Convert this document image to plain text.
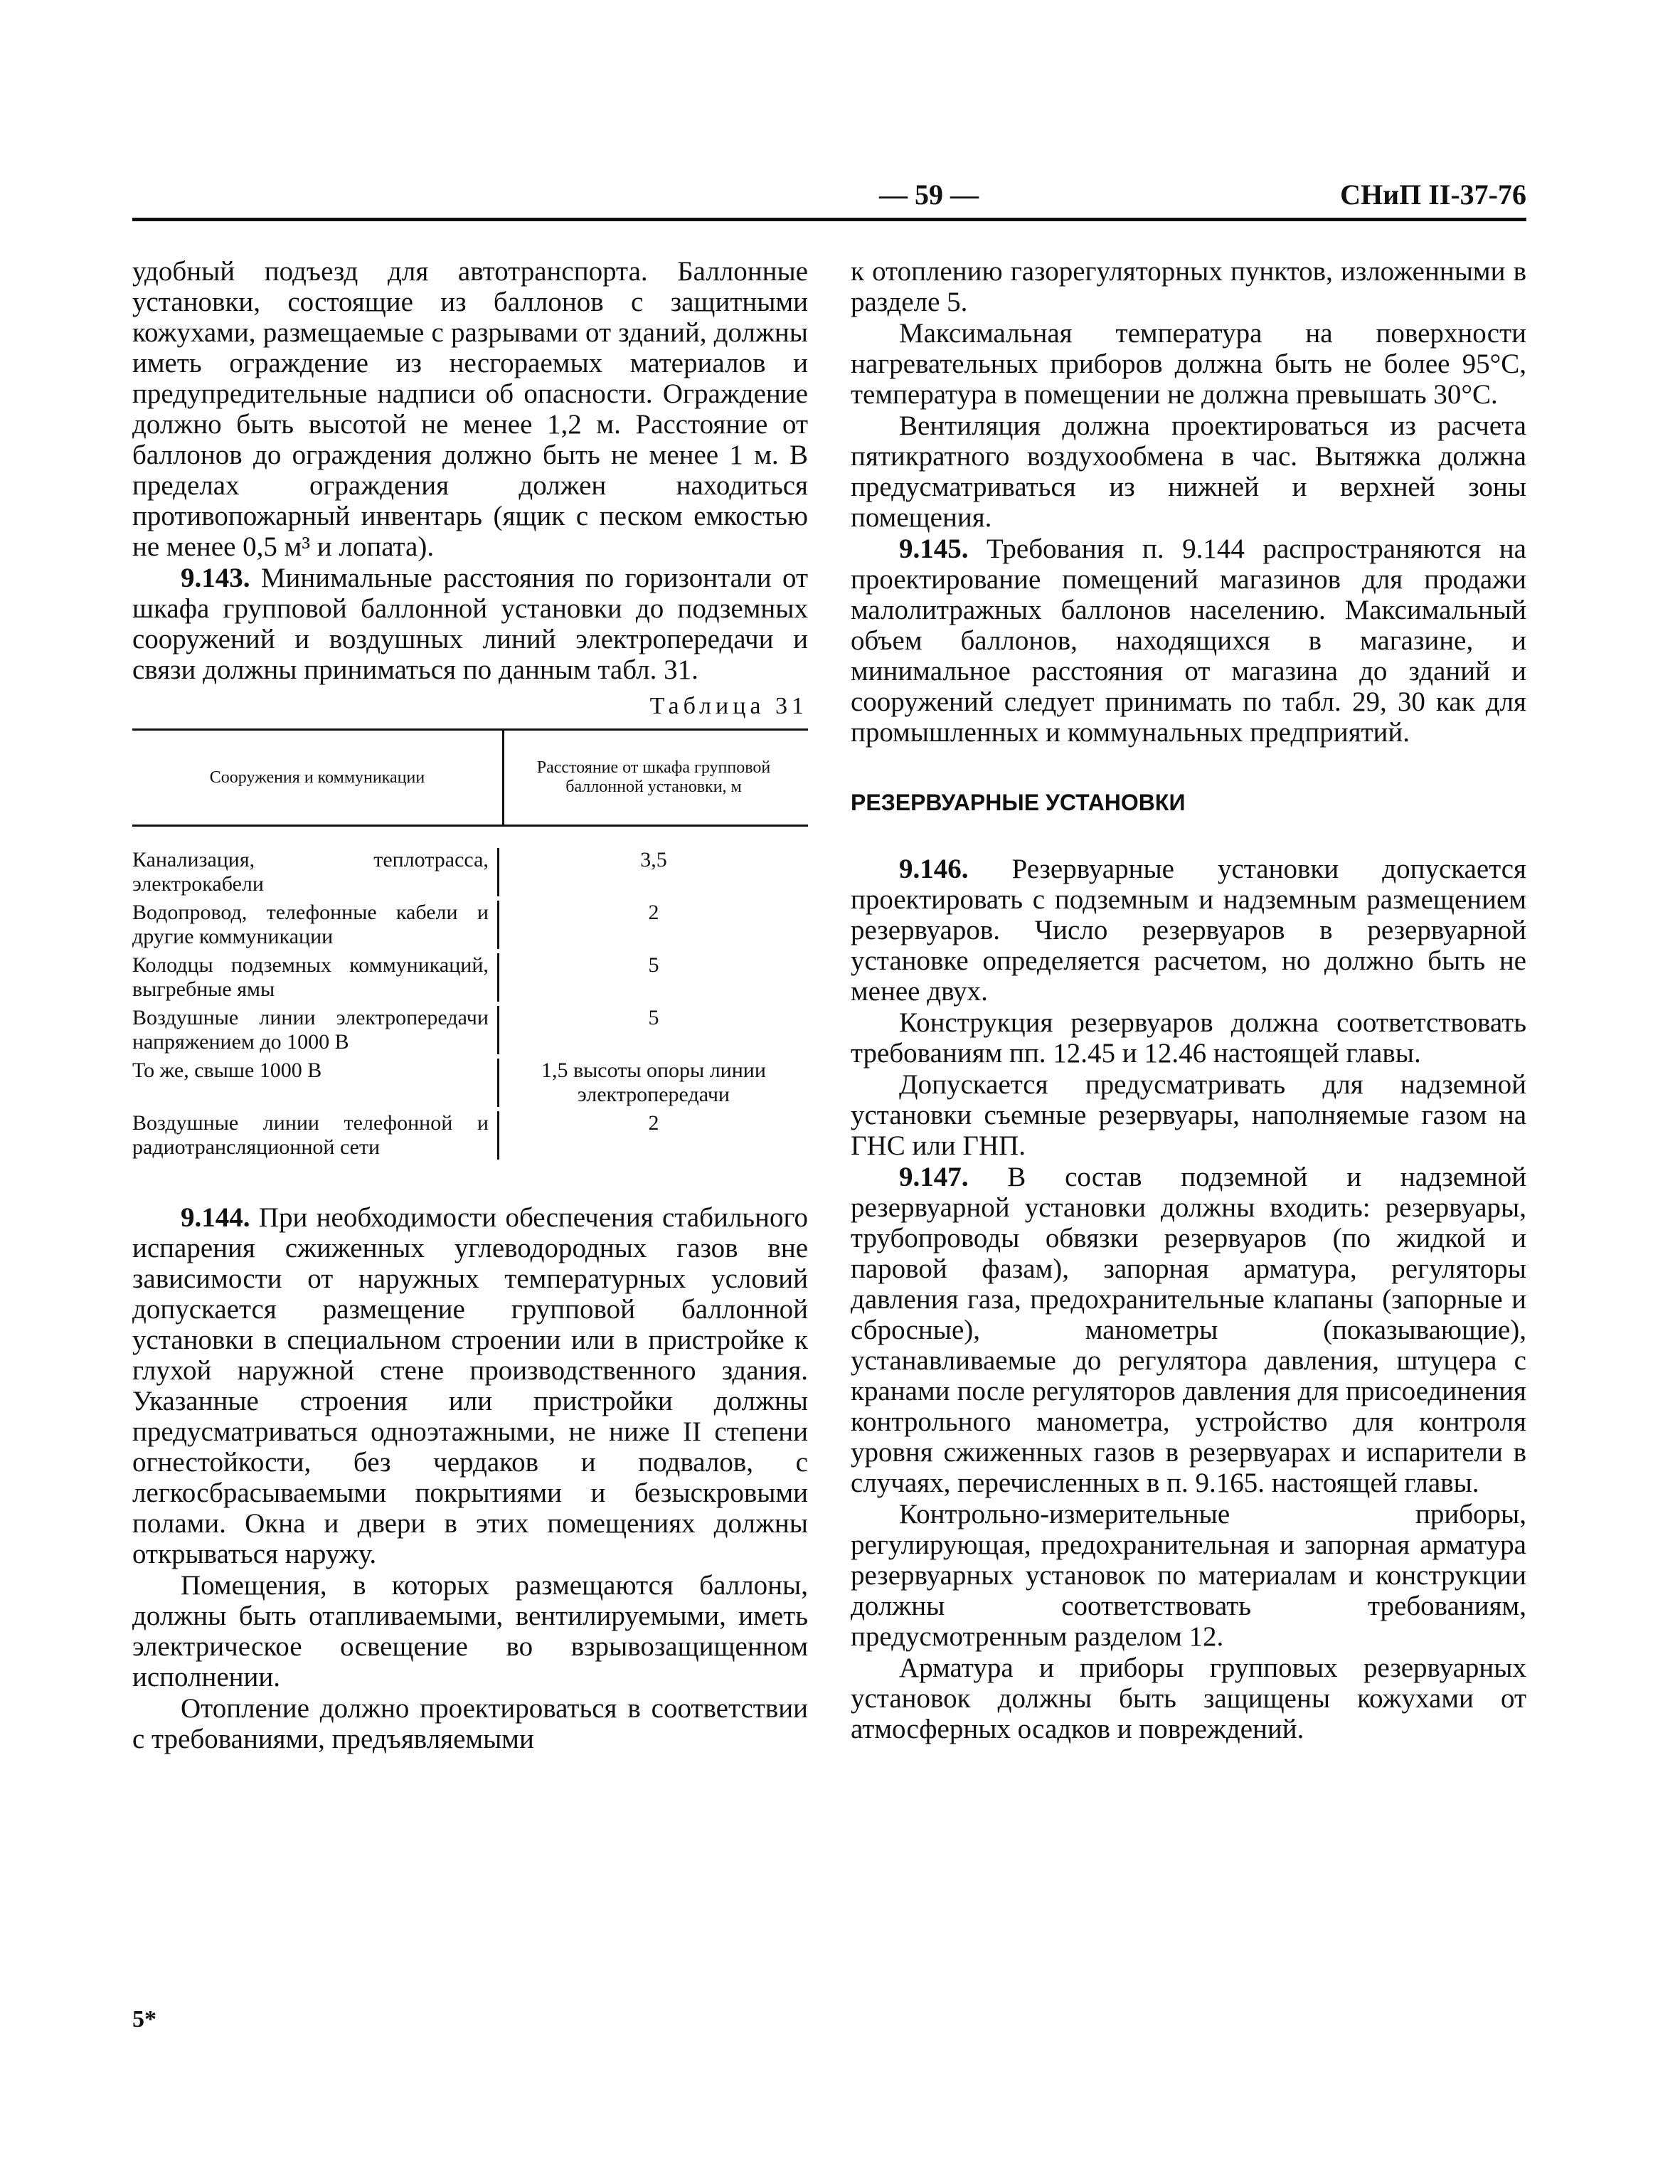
— 59 —	СНиП II-37-76

удобный подъезд для автотранспорта. Баллонные установки, состоящие из баллонов с защитными кожухами, размещаемые с разрывами от зданий, должны иметь ограждение из несгораемых материалов и предупредительные надписи об опасности. Ограждение должно быть высотой не менее 1,2 м. Расстояние от баллонов до ограждения должно быть не менее 1 м. В пределах ограждения должен находиться противопожарный инвентарь (ящик с песком емкостью не менее 0,5 м³ и лопата).

9.143. Минимальные расстояния по горизонтали от шкафа групповой баллонной установки до подземных сооружений и воздушных линий электропередачи и связи должны приниматься по данным табл. 31.

Таблица 31
Сооружения и коммуникации
Расстояние от шкафа групповой баллонной установки, м
Канализация, теплотрасса, электрокабели
3,5
Водопровод, телефонные кабели и другие коммуникации
2
Колодцы подземных коммуникаций, выгребные ямы
5
Воздушные линии электропередачи напряжением до 1000 В
5
То же, свыше 1000 В	1,5 высоты опоры линии электропередачи
Воздушные линии телефонной и радиотрансляционной сети
2

9.144. При необходимости обеспечения стабильного испарения сжиженных углеводородных газов вне зависимости от наружных температурных условий допускается размещение групповой баллонной установки в специальном строении или в пристройке к глухой наружной стене производственного здания. Указанные строения или пристройки должны предусматриваться одноэтажными, не ниже II степени огнестойкости, без чердаков и подвалов, с легкосбрасываемыми покрытиями и безыскровыми полами. Окна и двери в этих помещениях должны открываться наружу.

Помещения, в которых размещаются баллоны, должны быть отапливаемыми, вентилируемыми, иметь электрическое освещение во взрывозащищенном исполнении.

Отопление должно проектироваться в соответствии с требованиями, предъявляемыми

к отоплению газорегуляторных пунктов, изложенными в разделе 5.

Максимальная температура на поверхности нагревательных приборов должна быть не более 95°С, температура в помещении не должна превышать 30°С.

Вентиляция должна проектироваться из расчета пятикратного воздухообмена в час. Вытяжка должна предусматриваться из нижней и верхней зоны помещения.

9.145. Требования п. 9.144 распространяются на проектирование помещений магазинов для продажи малолитражных баллонов населению. Максимальный объем баллонов, находящихся в магазине, и минимальное расстояния от магазина до зданий и сооружений следует принимать по табл. 29, 30 как для промышленных и коммунальных предприятий.

РЕЗЕРВУАРНЫЕ УСТАНОВКИ

9.146. Резервуарные установки допускается проектировать с подземным и надземным размещением резервуаров. Число резервуаров в резервуарной установке определяется расчетом, но должно быть не менее двух.

Конструкция резервуаров должна соответствовать требованиям пп. 12.45 и 12.46 настоящей главы.

Допускается предусматривать для надземной установки съемные резервуары, наполняемые газом на ГНС или ГНП.

9.147. В состав подземной и надземной резервуарной установки должны входить: резервуары, трубопроводы обвязки резервуаров (по жидкой и паровой фазам), запорная арматура, регуляторы давления газа, предохранительные клапаны (запорные и сбросные), манометры (показывающие), устанавливаемые до регулятора давления, штуцера с кранами после регуляторов давления для присоединения контрольного манометра, устройство для контроля уровня сжиженных газов в резервуарах и испарители в случаях, перечисленных в п. 9.165. настоящей главы.

Контрольно-измерительные приборы, регулирующая, предохранительная и запорная арматура резервуарных установок по материалам и конструкции должны соответствовать требованиям, предусмотренным разделом 12.

Арматура и приборы групповых резервуарных установок должны быть защищены кожухами от атмосферных осадков и повреждений.

5*
